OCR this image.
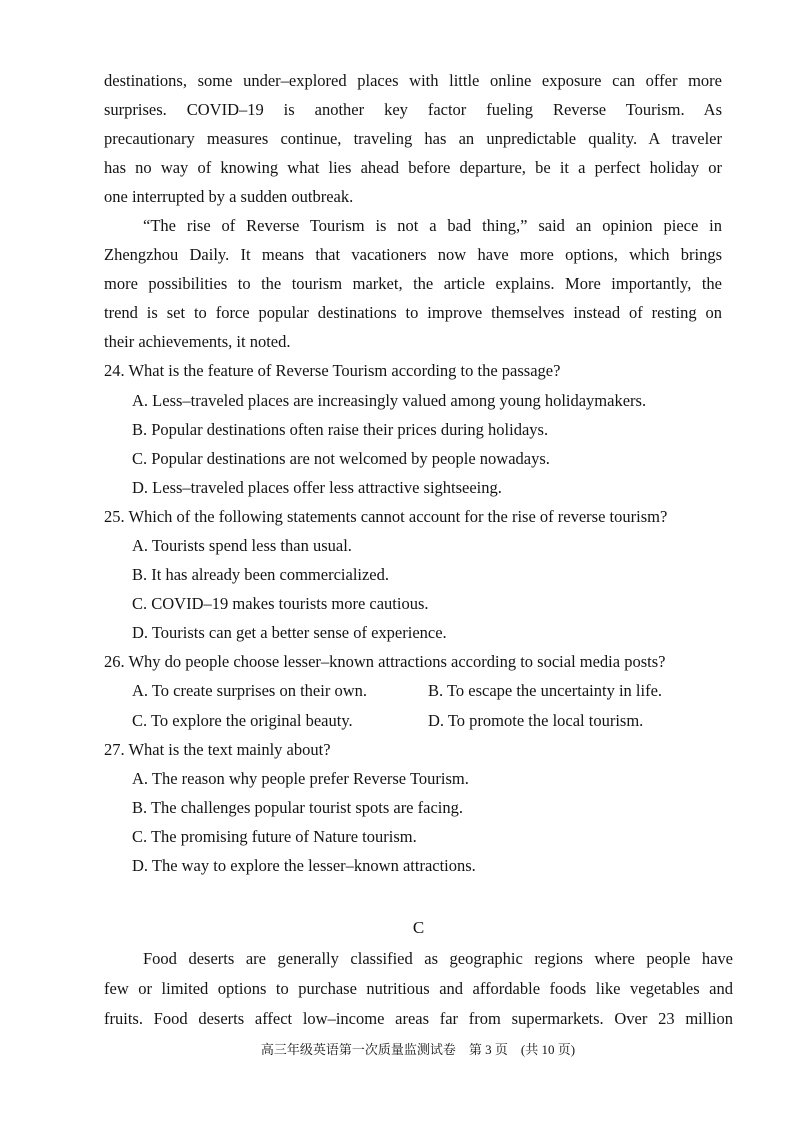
destinations, some under–explored places with little online exposure can offer more
surprises. COVID–19 is another key factor fueling Reverse Tourism. As
precautionary measures continue, traveling has an unpredictable quality. A traveler
has no way of knowing what lies ahead before departure, be it a perfect holiday or
one interrupted by a sudden outbreak.
“The rise of Reverse Tourism is not a bad thing,” said an opinion piece in
Zhengzhou Daily. It means that vacationers now have more options, which brings
more possibilities to the tourism market, the article explains. More importantly, the
trend is set to force popular destinations to improve themselves instead of resting on
their achievements, it noted.
24. What is the feature of Reverse Tourism according to the passage?
A. Less–traveled places are increasingly valued among young holidaymakers.
B. Popular destinations often raise their prices during holidays.
C. Popular destinations are not welcomed by people nowadays.
D. Less–traveled places offer less attractive sightseeing.
25. Which of the following statements cannot account for the rise of reverse tourism?
A. Tourists spend less than usual.
B. It has already been commercialized.
C. COVID–19 makes tourists more cautious.
D. Tourists can get a better sense of experience.
26. Why do people choose lesser–known attractions according to social media posts?
A. To create surprises on their own.	B. To escape the uncertainty in life.
C. To explore the original beauty.	D. To promote the local tourism.
27. What is the text mainly about?
A. The reason why people prefer Reverse Tourism.
B. The challenges popular tourist spots are facing.
C. The promising future of Nature tourism.
D. The way to explore the lesser–known attractions.
C
Food deserts are generally classified as geographic regions where people have
few or limited options to purchase nutritious and affordable foods like vegetables and
fruits. Food deserts affect low–income areas far from supermarkets. Over 23 million
高三年级英语第一次质量监测试卷　第 3 页　(共 10 页)
